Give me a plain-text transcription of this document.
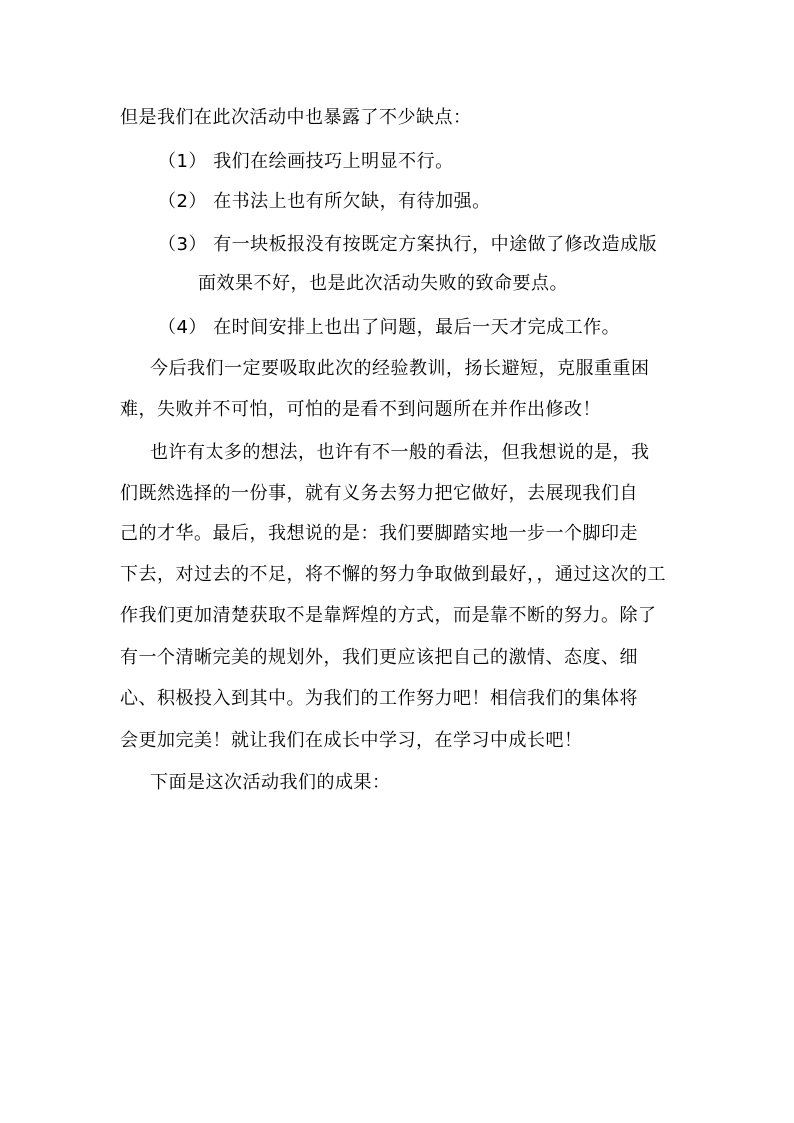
但是我们在此次活动中也暴露了不少缺点：
（1） 我们在绘画技巧上明显不行。
（2） 在书法上也有所欠缺，有待加强。
（3） 有一块板报没有按既定方案执行，中途做了修改造成版
面效果不好，也是此次活动失败的致命要点。
（4） 在时间安排上也出了问题，最后一天才完成工作。
今后我们一定要吸取此次的经验教训，扬长避短，克服重重困
难，失败并不可怕，可怕的是看不到问题所在并作出修改！
也许有太多的想法，也许有不一般的看法，但我想说的是，我
们既然选择的一份事，就有义务去努力把它做好，去展现我们自
己的才华。最后，我想说的是：我们要脚踏实地一步一个脚印走
下去，对过去的不足，将不懈的努力争取做到最好，，通过这次的工
作我们更加清楚获取不是靠辉煌的方式，而是靠不断的努力。除了
有一个清晰完美的规划外，我们更应该把自己的激情、态度、细
心、积极投入到其中。为我们的工作努力吧！相信我们的集体将
会更加完美！就让我们在成长中学习，在学习中成长吧！
下面是这次活动我们的成果：
